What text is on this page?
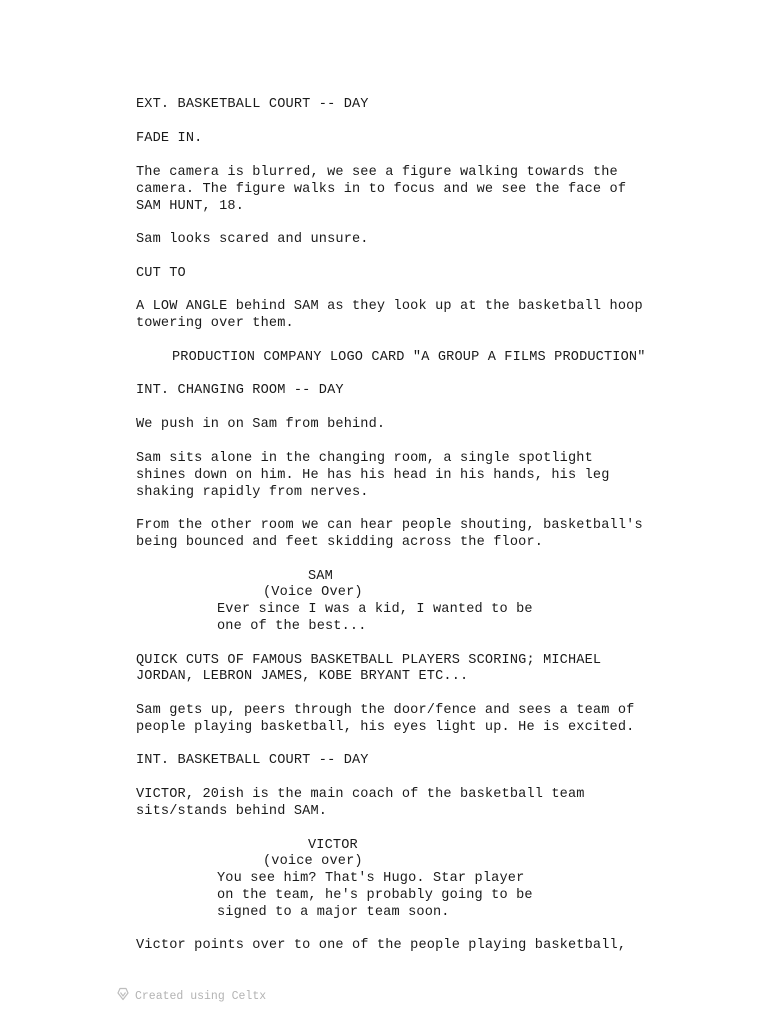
EXT. BASKETBALL COURT -- DAY
FADE IN.
The camera is blurred, we see a figure walking towards the
camera. The figure walks in to focus and we see the face of
SAM HUNT, 18.
Sam looks scared and unsure.
CUT TO
A LOW ANGLE behind SAM as they look up at the basketball hoop
towering over them.
PRODUCTION COMPANY LOGO CARD "A GROUP A FILMS PRODUCTION"
INT. CHANGING ROOM -- DAY
We push in on Sam from behind.
Sam sits alone in the changing room, a single spotlight
shines down on him. He has his head in his hands, his leg
shaking rapidly from nerves.
From the other room we can hear people shouting, basketball's
being bounced and feet skidding across the floor.
SAM
(Voice Over)
Ever since I was a kid, I wanted to be
one of the best...
QUICK CUTS OF FAMOUS BASKETBALL PLAYERS SCORING; MICHAEL
JORDAN, LEBRON JAMES, KOBE BRYANT ETC...
Sam gets up, peers through the door/fence and sees a team of
people playing basketball, his eyes light up. He is excited.
INT. BASKETBALL COURT -- DAY
VICTOR, 20ish is the main coach of the basketball team
sits/stands behind SAM.
VICTOR
(voice over)
You see him? That's Hugo. Star player
on the team, he's probably going to be
signed to a major team soon.
Victor points over to one of the people playing basketball,
Created using Celtx
